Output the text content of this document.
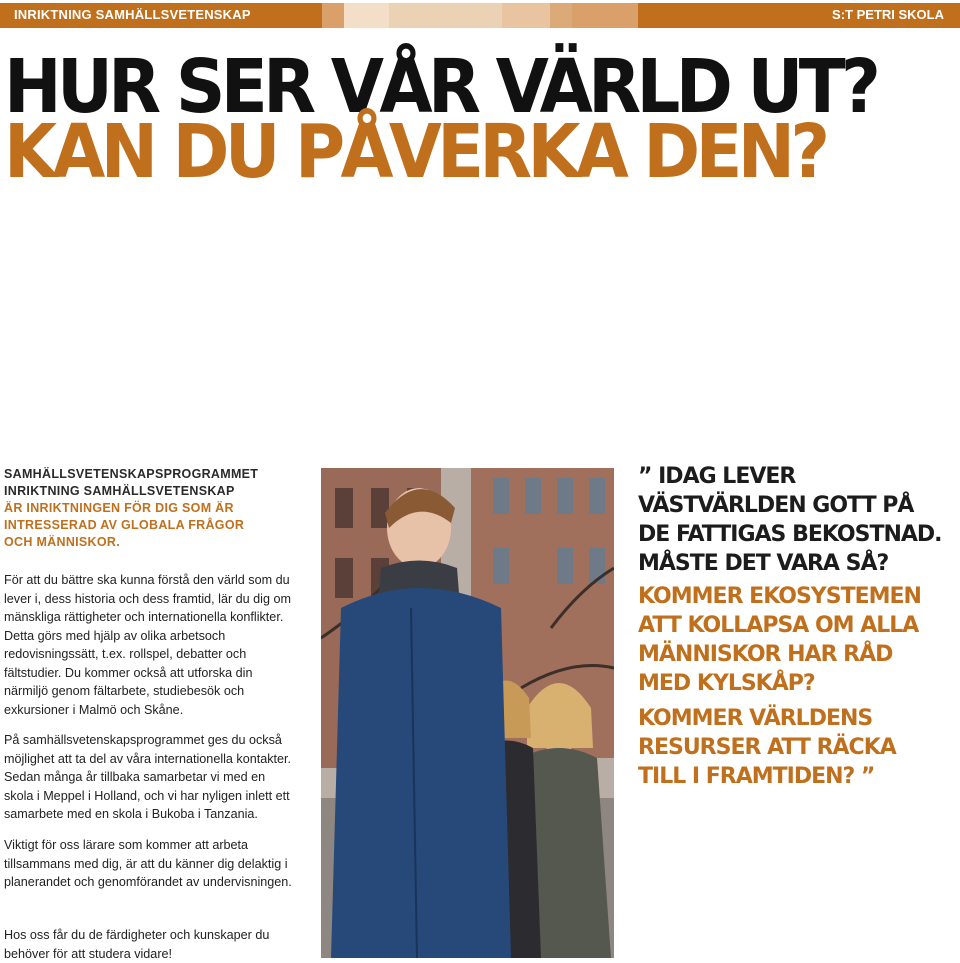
INRIKTNING SAMHÄLLSVETENSKAP	S:T PETRI SKOLA
HUR SER VÅR VÄRLD UT?
KAN DU PÅVERKA DEN?
SAMHÄLLSVETENSKAPSPROGRAMMET
INRIKTNING SAMHÄLLSVETENSKAP
ÄR INRIKTNINGEN FÖR DIG SOM ÄR INTRESSERAD AV GLOBALA FRÅGOR OCH MÄNNISKOR.

För att du bättre ska kunna förstå den värld som du lever i, dess historia och dess framtid, lär du dig om mänskliga rättigheter och internationella konflikter. Detta görs med hjälp av olika arbetsoch redovisningssätt, t.ex. rollspel, debatter och fältstudier. Du kommer också att utforska din närmiljö genom fältarbete, studiebesök och exkursioner i Malmö och Skåne.

På samhällsvetenskapsprogrammet ges du också möjlighet att ta del av våra internationella kontakter. Sedan många år tillbaka samarbetar vi med en skola i Meppel i Holland, och vi har nyligen inlett ett samarbete med en skola i Bukoba i Tanzania.

Viktigt för oss lärare som kommer att arbeta tillsammans med dig, är att du känner dig delaktig i planerandet och genomförandet av undervisningen.

Hos oss får du de färdigheter och kunskaper du behöver för att studera vidare!

” IDAG LEVER VÄSTVÄRLDEN GOTT PÅ DE FATTIGAS BEKOSTNAD. MÅSTE DET VARA SÅ?
KOMMER EKOSYSTEMEN ATT KOLLAPSA OM ALLA MÄNNISKOR HAR RÅD MED KYLSKÅP?
KOMMER VÄRLDENS RESURSER ATT RÄCKA TILL I FRAMTIDEN? ”
